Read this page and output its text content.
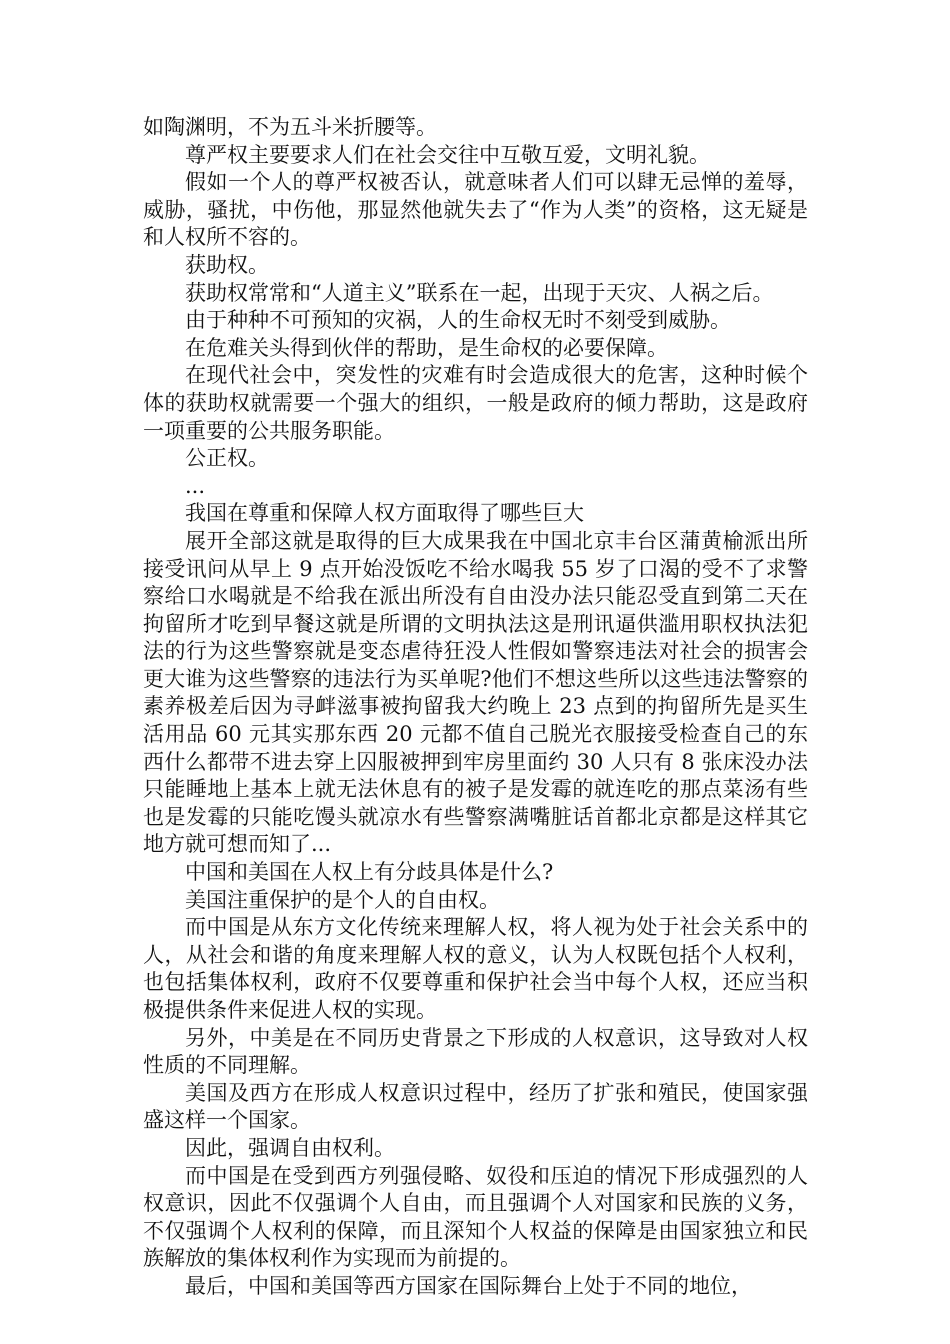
如陶渊明，不为五斗米折腰等。

尊严权主要要求人们在社会交往中互敬互爱，文明礼貌。

假如一个人的尊严权被否认，就意味者人们可以肆无忌惮的羞辱，威胁，骚扰，中伤他，那显然他就失去了“作为人类”的资格，这无疑是和人权所不容的。

获助权。

获助权常常和“人道主义”联系在一起，出现于天灾、人祸之后。

由于种种不可预知的灾祸，人的生命权无时不刻受到威胁。

在危难关头得到伙伴的帮助，是生命权的必要保障。

在现代社会中，突发性的灾难有时会造成很大的危害，这种时候个体的获助权就需要一个强大的组织，一般是政府的倾力帮助，这是政府一项重要的公共服务职能。

公正权。

...

我国在尊重和保障人权方面取得了哪些巨大

展开全部这就是取得的巨大成果我在中国北京丰台区蒲黄榆派出所接受讯问从早上 9 点开始没饭吃不给水喝我 55 岁了口渴的受不了求警察给口水喝就是不给我在派出所没有自由没办法只能忍受直到第二天在拘留所才吃到早餐这就是所谓的文明执法这是刑讯逼供滥用职权执法犯法的行为这些警察就是变态虐待狂没人性假如警察违法对社会的损害会更大谁为这些警察的违法行为买单呢?他们不想这些所以这些违法警察的素养极差后因为寻衅滋事被拘留我大约晚上 23 点到的拘留所先是买生活用品 60 元其实那东西 20 元都不值自己脱光衣服接受检查自己的东西什么都带不进去穿上囚服被押到牢房里面约 30 人只有 8 张床没办法只能睡地上基本上就无法休息有的被子是发霉的就连吃的那点菜汤有些也是发霉的只能吃馒头就凉水有些警察满嘴脏话首都北京都是这样其它地方就可想而知了...

中国和美国在人权上有分歧具体是什么?

美国注重保护的是个人的自由权。

而中国是从东方文化传统来理解人权，将人视为处于社会关系中的人，从社会和谐的角度来理解人权的意义，认为人权既包括个人权利，也包括集体权利，政府不仅要尊重和保护社会当中每个人权，还应当积极提供条件来促进人权的实现。

另外，中美是在不同历史背景之下形成的人权意识，这导致对人权性质的不同理解。

美国及西方在形成人权意识过程中，经历了扩张和殖民，使国家强盛这样一个国家。

因此，强调自由权利。

而中国是在受到西方列强侵略、奴役和压迫的情况下形成强烈的人权意识，因此不仅强调个人自由，而且强调个人对国家和民族的义务，不仅强调个人权利的保障，而且深知个人权益的保障是由国家独立和民族解放的集体权利作为实现而为前提的。

最后，中国和美国等西方国家在国际舞台上处于不同的地位，
